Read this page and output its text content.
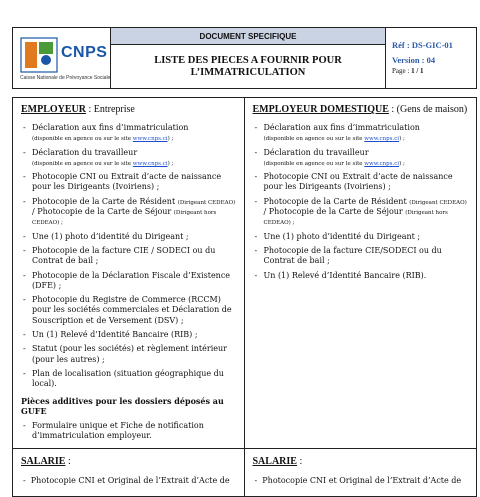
CNPS
Caisse Nationale de Prévoyance Sociale
DOCUMENT SPECIFIQUE
LISTE DES PIECES A FOURNIR POUR L’IMMATRICULATION
Réf : DS-GIC-01
Version : 04
Page : 1 / 1
EMPLOYEUR : Entreprise
- Déclaration aux fins d’immatriculation
(disponible en agence ou sur le site www.cnps.ci) ;
- Déclaration du travailleur
(disponible en agence ou sur le site www.cnps.ci) ;
- Photocopie CNI ou Extrait d’acte de naissance pour les Dirigeants (Ivoiriens) ;
- Photocopie de la Carte de Résident (Dirigeant CEDEAO) / Photocopie de la Carte de Séjour (Dirigeant hors CEDEAO) ;
- Une (1) photo d’identité du Dirigeant ;
- Photocopie de la facture CIE / SODECI ou du Contrat de bail ;
- Photocopie de la Déclaration Fiscale d’Existence (DFE) ;
- Photocopie du Registre de Commerce (RCCM) pour les sociétés commerciales et Déclaration de Souscription et de Versement (DSV) ;
- Un (1) Relevé d’Identité Bancaire (RIB) ;
- Statut (pour les sociétés) et règlement intérieur (pour les autres) ;
- Plan de localisation (situation géographique du local).
Pièces additives pour les dossiers déposés au GUFE
- Formulaire unique et Fiche de notification d’immatriculation employeur.
SALARIE :
-  Photocopie CNI et Original de l’Extrait d’Acte de
EMPLOYEUR DOMESTIQUE : (Gens de maison)
- Déclaration aux fins d’immatriculation
(disponible en agence ou sur le site www.cnps.ci) ;
- Déclaration du travailleur
(disponible en agence ou sur le site www.cnps.ci) ;
- Photocopie CNI ou Extrait d’acte de naissance pour les Dirigeants (Ivoiriens) ;
- Photocopie de la Carte de Résident (Dirigeant CEDEAO) / Photocopie de la Carte de Séjour (Dirigeant hors CEDEAO) ;
- Une (1) photo d’identité du Dirigeant ;
- Photocopie de la facture CIE/SODECI ou du Contrat de bail ;
- Un (1) Relevé d’Identité Bancaire (RIB).
SALARIE :
-  Photocopie CNI et Original de l’Extrait d’Acte de
